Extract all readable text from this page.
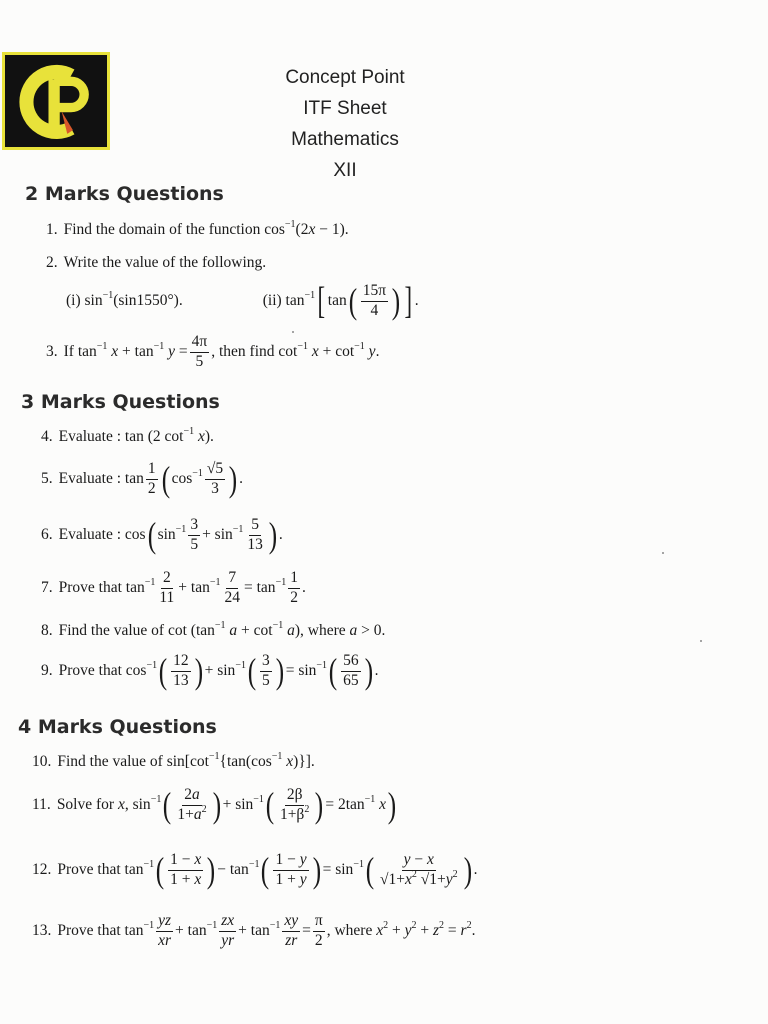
Concept Point
ITF Sheet
Mathematics
XII
2 Marks Questions
1. Find the domain of the function $\cos^{-1}(2x - 1)$.
2. Write the value of the following.
(i) $\sin^{-1}(\sin 1550^\circ)$.	(ii) $\tan^{-1}$ [ tan ( $\frac{15\pi}{4}$ ) ] .
3. If $\tan^{-1} x + \tan^{-1} y = \frac{4\pi}{5}$ , then find $\cot^{-1} x + \cot^{-1} y$.
3 Marks Questions
4. Evaluate : tan (2 $\cot^{-1} x$).
5. Evaluate : $\tan \frac{1}{2}$ ( $\cos^{-1} \frac{√5}{3}$ ) .
6. Evaluate : cos ( $\sin^{-1} \frac{3}{5} + \sin^{-1} \frac{5}{13}$ ) .
7. Prove that $\tan^{-1} \frac{2}{11} + \tan^{-1} \frac{7}{24} = \tan^{-1} \frac{1}{2}$ .
8. Find the value of $\cot (\tan^{-1}$ $a + \cot^{-1} a$), where a > 0.
9. Prove that $\cos^{-1}$ ( $\frac{12}{13}$ ) + $\sin^{-1}$ ( $\frac{3}{5}$ ) = $\sin^{-1}$ ( $\frac{56}{65}$ ) .
4 Marks Questions
10. Find the value of $\sin[\cot^{-1}\{\tan(\cos^{-1}$ x)}].
11. Solve for x, $\sin^{-1}$ ( $\frac{2a}{1+a^2}$ ) + $\sin^{-1}$ ( $\frac{2\beta}{1+\beta^2}$ ) = $2\tan^{-1}$ x )
12. Prove that $\tan^{-1}$ ( $\frac{1 - x}{1 + x}$ ) − $\tan^{-1}$ ( $\frac{1 - y}{1 + y}$ ) = $\sin^{-1}$ ( $\frac{y - x}{√1+x^2 √1+y^2}$ ) .
13. Prove that $\tan^{-1} \frac{yz}{xr} + \tan^{-1} \frac{zx}{yr} + \tan^{-1} \frac{xy}{zr} = \frac{\pi}{2}$ , where $x^2 + y^2 + z^2 = r^2$.
